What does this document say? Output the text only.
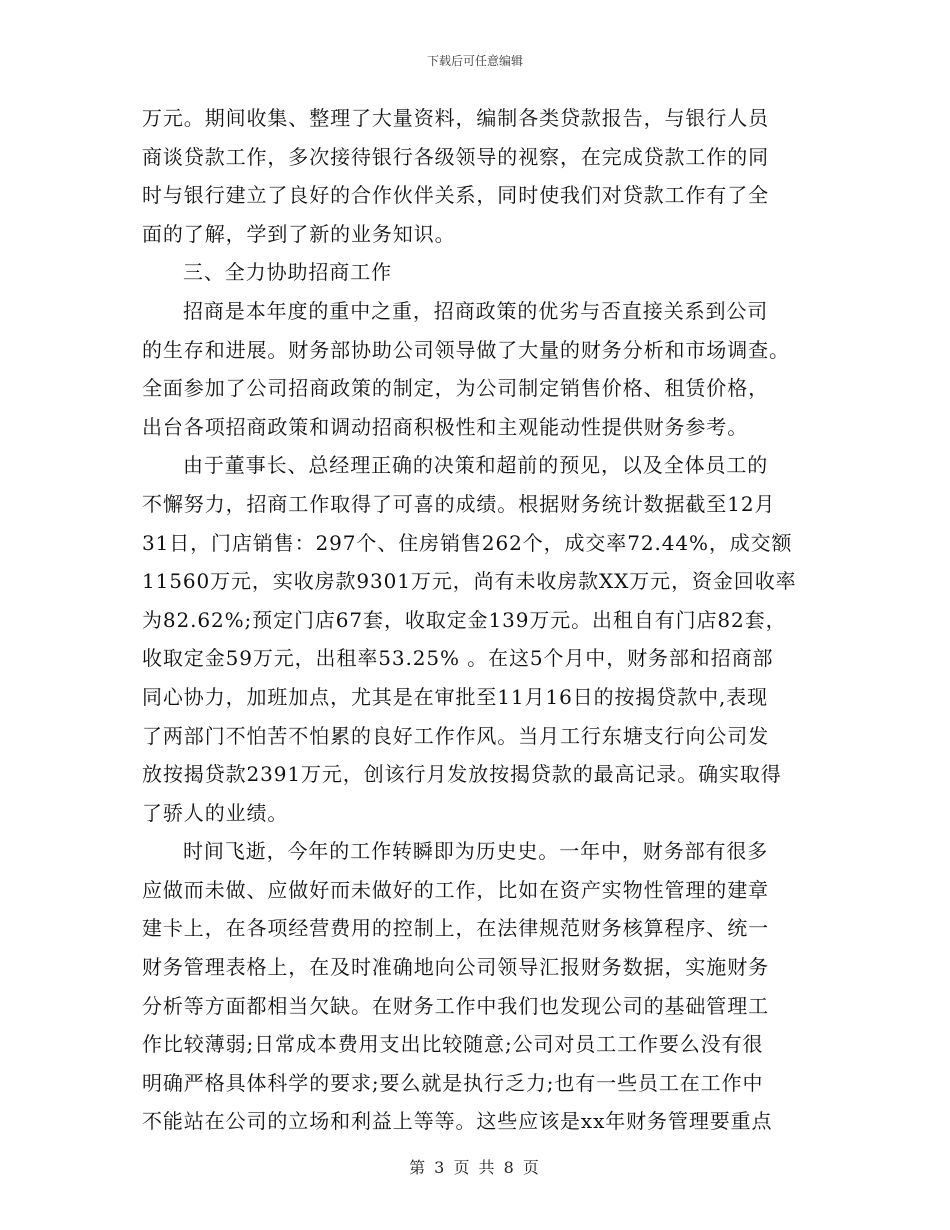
下载后可任意编辑
万元。期间收集、整理了大量资料，编制各类贷款报告，与银行人员
商谈贷款工作，多次接待银行各级领导的视察，在完成贷款工作的同
时与银行建立了良好的合作伙伴关系，同时使我们对贷款工作有了全
面的了解，学到了新的业务知识。
三、全力协助招商工作
招商是本年度的重中之重，招商政策的优劣与否直接关系到公司
的生存和进展。财务部协助公司领导做了大量的财务分析和市场调查。
全面参加了公司招商政策的制定，为公司制定销售价格、租赁价格，
出台各项招商政策和调动招商积极性和主观能动性提供财务参考。
由于董事长、总经理正确的决策和超前的预见，以及全体员工的
不懈努力，招商工作取得了可喜的成绩。根据财务统计数据截至12月
31日，门店销售：297个、住房销售262个，成交率72.44%，成交额
11560万元，实收房款9301万元，尚有未收房款XX万元，资金回收率
为82.62%;预定门店67套，收取定金139万元。出租自有门店82套，
收取定金59万元，出租率53.25% 。在这5个月中，财务部和招商部
同心协力，加班加点，尤其是在审批至11月16日的按揭贷款中,表现
了两部门不怕苦不怕累的良好工作作风。当月工行东塘支行向公司发
放按揭贷款2391万元，创该行月发放按揭贷款的最高记录。确实取得
了骄人的业绩。
时间飞逝，今年的工作转瞬即为历史史。一年中，财务部有很多
应做而未做、应做好而未做好的工作，比如在资产实物性管理的建章
建卡上，在各项经营费用的控制上，在法律规范财务核算程序、统一
财务管理表格上，在及时准确地向公司领导汇报财务数据，实施财务
分析等方面都相当欠缺。在财务工作中我们也发现公司的基础管理工
作比较薄弱;日常成本费用支出比较随意;公司对员工工作要么没有很
明确严格具体科学的要求;要么就是执行乏力;也有一些员工在工作中
不能站在公司的立场和利益上等等。这些应该是xx年财务管理要重点
第 3 页 共 8 页
